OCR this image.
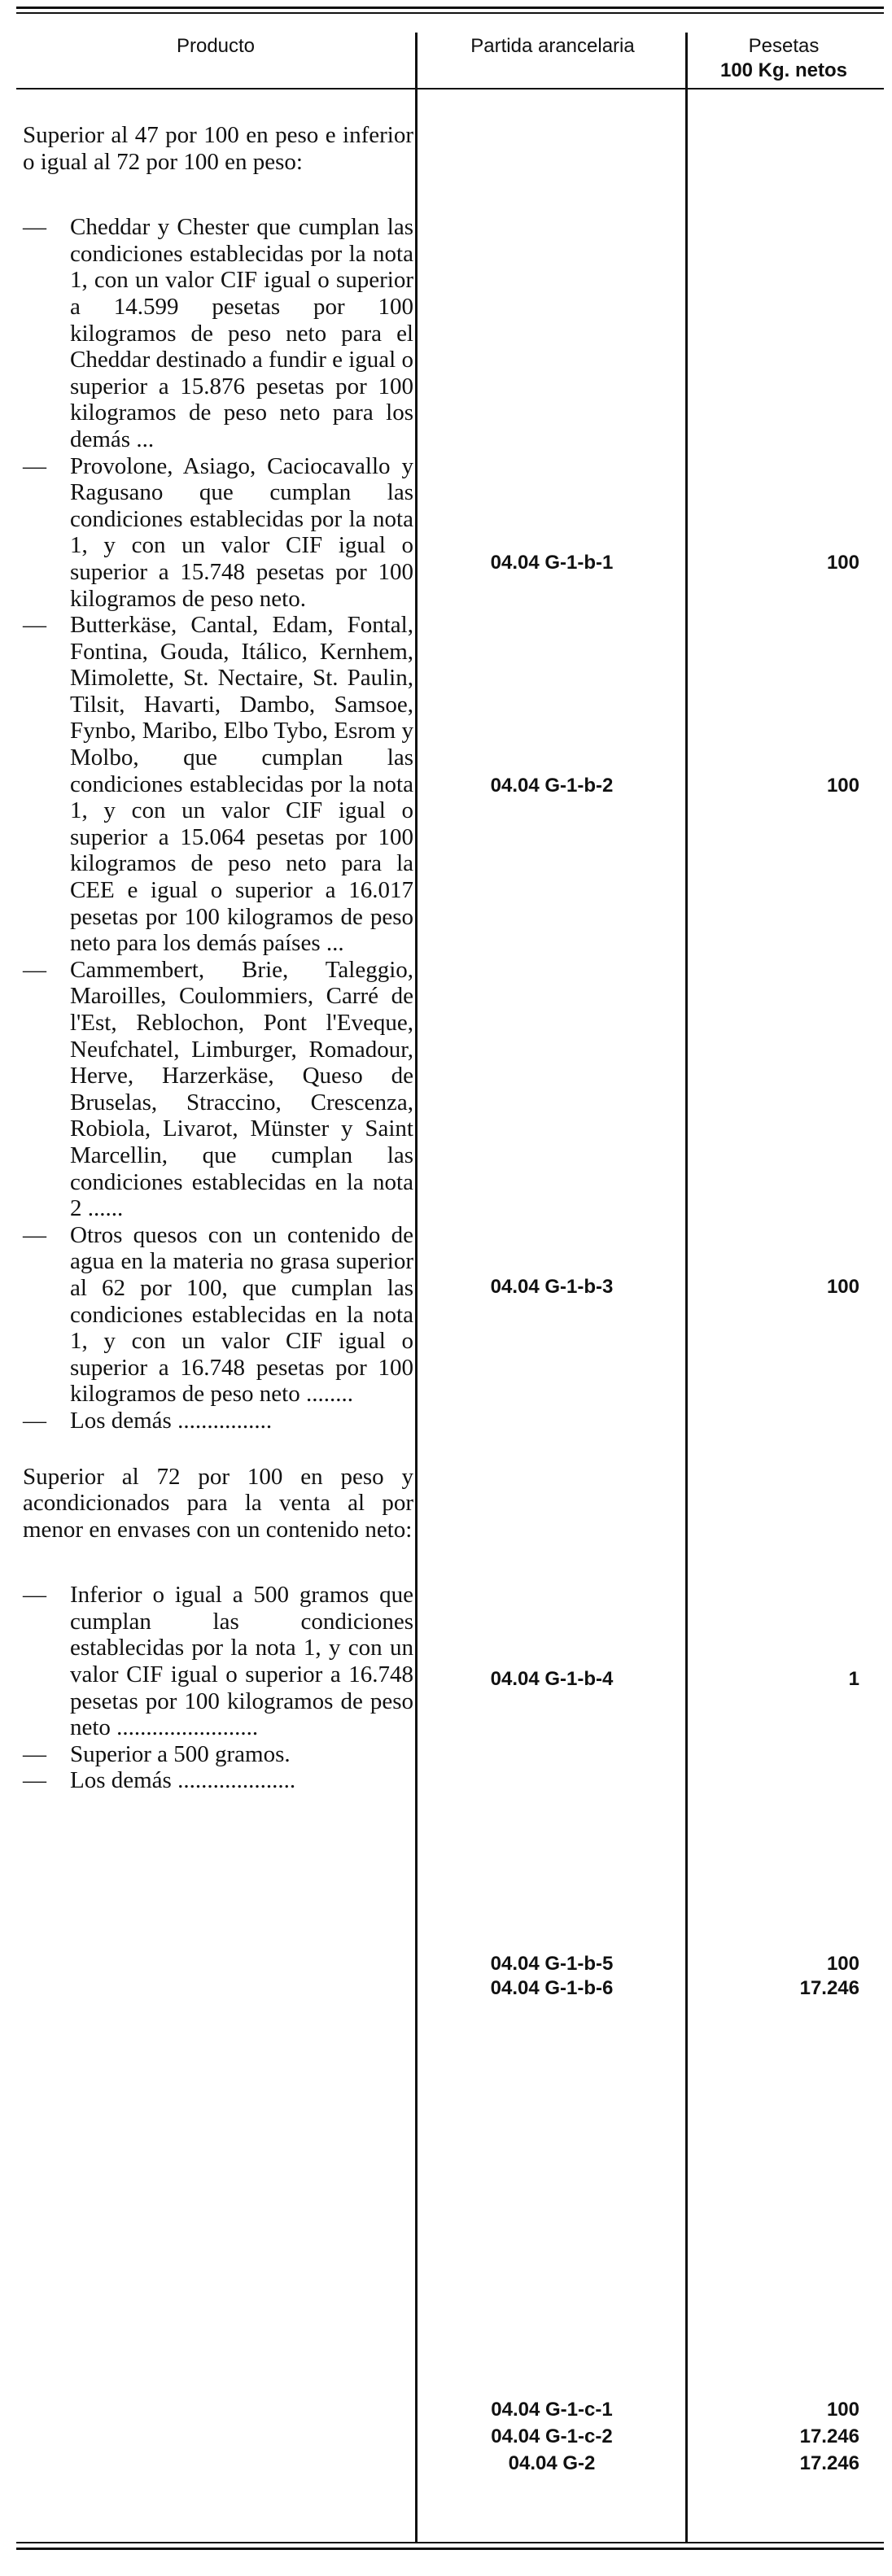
Producto	Partida arancelaria	Pesetas
100 Kg. netos
Superior al 47 por 100 en peso e inferior o igual al 72 por 100 en peso:
— Cheddar y Chester que cumplan las condiciones establecidas por la nota 1, con un valor CIF igual o superior a 14.599 pesetas por 100 kilogramos de peso neto para el Cheddar destinado a fundir e igual o superior a 15.876 pesetas por 100 kilogramos de peso neto para los demás ...
— Provolone, Asiago, Caciocavallo y Ragusano que cumplan las condiciones establecidas por la nota 1, y con un valor CIF igual o superior a 15.748 pesetas por 100 kilogramos de peso neto.
— Butterkäse, Cantal, Edam, Fontal, Fontina, Gouda, Itálico, Kernhem, Mimolette, St. Nectaire, St. Paulin, Tilsit, Havarti, Dambo, Samsoe, Fynbo, Maribo, Elbo Tybo, Esrom y Molbo, que cumplan las condiciones establecidas por la nota 1, y con un valor CIF igual o superior a 15.064 pesetas por 100 kilogramos de peso neto para la CEE e igual o superior a 16.017 pesetas por 100 kilogramos de peso neto para los demás países ...
— Cammembert, Brie, Taleggio, Maroilles, Coulommiers, Carré de l'Est, Reblochon, Pont l'Eveque, Neufchatel, Limburger, Romadour, Herve, Harzerkäse, Queso de Bruselas, Straccino, Crescenza, Robiola, Livarot, Münster y Saint Marcellin, que cumplan las condiciones establecidas en la nota 2 ......
— Otros quesos con un contenido de agua en la materia no grasa superior al 62 por 100, que cumplan las condiciones establecidas en la nota 1, y con un valor CIF igual o superior a 16.748 pesetas por 100 kilogramos de peso neto ........
— Los demás ................
Superior al 72 por 100 en peso y acondicionados para la venta al por menor en envases con un contenido neto:
— Inferior o igual a 500 gramos que cumplan las condiciones establecidas por la nota 1, y con un valor CIF igual o superior a 16.748 pesetas por 100 kilogramos de peso neto ........................
— Superior a 500 gramos.
— Los demás ....................
04.04 G-1-b-1
04.04 G-1-b-2
04.04 G-1-b-3
04.04 G-1-b-4
04.04 G-1-b-5
04.04 G-1-b-6
04.04 G-1-c-1
04.04 G-1-c-2
04.04 G-2
100
100
100
1
100
17.246
100
17.246
17.246
